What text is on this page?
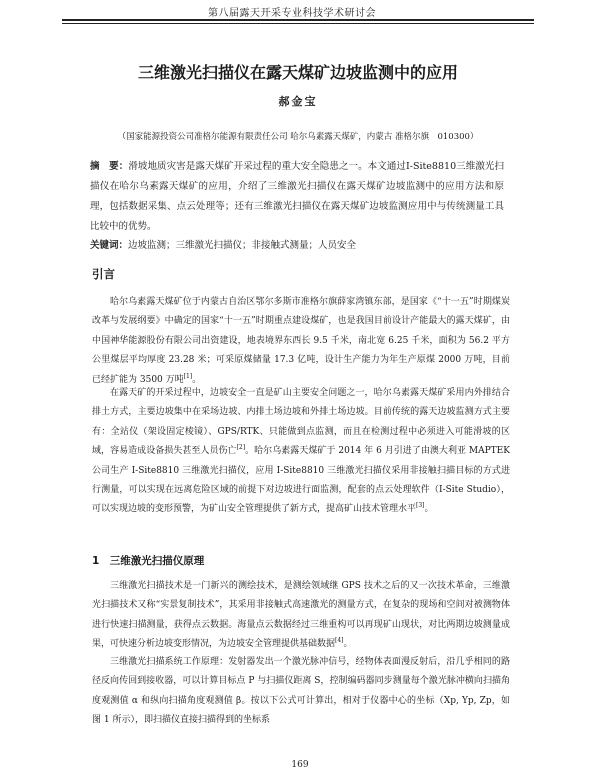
第八届露天开采专业科技学术研讨会
三维激光扫描仪在露天煤矿边坡监测中的应用
郝金宝
（国家能源投资公司准格尔能源有限责任公司 哈尔乌素露天煤矿，内蒙古 准格尔旗　010300）
摘　要：滑坡地质灾害是露天煤矿开采过程的重大安全隐患之一。本文通过I-Site8810三维激光扫描仪在哈尔乌素露天煤矿的应用，介绍了三维激光扫描仪在露天煤矿边坡监测中的应用方法和原理，包括数据采集、点云处理等；还有三维激光扫描仪在露天煤矿边坡监测应用中与传统测量工具比较中的优势。
关键词：边坡监测；三维激光扫描仪；非接触式测量；人员安全
引言
哈尔乌素露天煤矿位于内蒙古自治区鄂尔多斯市准格尔旗薛家湾镇东部，是国家《“十一五”时期煤炭改革与发展纲要》中确定的国家“十一五”时期重点建设煤矿，也是我国目前设计产能最大的露天煤矿，由中国神华能源股份有限公司出资建设，地表境界东西长 9.5 千米，南北宽 6.25 千米，面积为 56.2 平方公里煤层平均厚度 23.28 米；可采原煤储量 17.3 亿吨，设计生产能力为年生产原煤 2000 万吨，目前已经扩能为 3500 万吨[1]。
在露天矿的开采过程中，边坡安全一直是矿山主要安全问题之一，哈尔乌素露天煤矿采用内外排结合排土方式，主要边坡集中在采场边坡、内排土场边坡和外排土场边坡。目前传统的露天边坡监测方式主要有：全站仪（架设固定棱镜）、GPS/RTK、只能做到点监测，而且在检测过程中必须进入可能滑坡的区域，容易造成设备损失甚至人员伤亡[2]。哈尔乌素露天煤矿于 2014 年 6 月引进了由澳大利亚 MAPTEK 公司生产 I-Site8810 三维激光扫描仪，应用 I-Site8810 三维激光扫描仪采用非接触扫描目标的方式进行测量，可以实现在远离危险区域的前提下对边坡进行面监测，配套的点云处理软件（I-Site Studio），可以实现边坡的变形预警，为矿山安全管理提供了新方式，提高矿山技术管理水平[3]。
1　三维激光扫描仪原理
三维激光扫描技术是一门新兴的测绘技术，是测绘领域继 GPS 技术之后的又一次技术革命，三维激光扫描技术又称“实景复制技术”，其采用非接触式高速激光的测量方式，在复杂的现场和空间对被测物体进行快速扫描测量，获得点云数据。海量点云数据经过三维重构可以再现矿山现状，对比两期边坡测量成果，可快速分析边坡变形情况，为边坡安全管理提供基础数据[4]。
三维激光扫描系统工作原理：发射器发出一个激光脉冲信号，经物体表面漫反射后，沿几乎相同的路径反向传回到接收器，可以计算目标点 P 与扫描仪距离 S，控制编码器同步测量每个激光脉冲横向扫描角度观测值 α 和纵向扫描角度观测值 β。按以下公式可计算出，相对于仪器中心的坐标（Xp, Yp, Zp，如图 1 所示），即扫描仪直接扫描得到的坐标系
169
